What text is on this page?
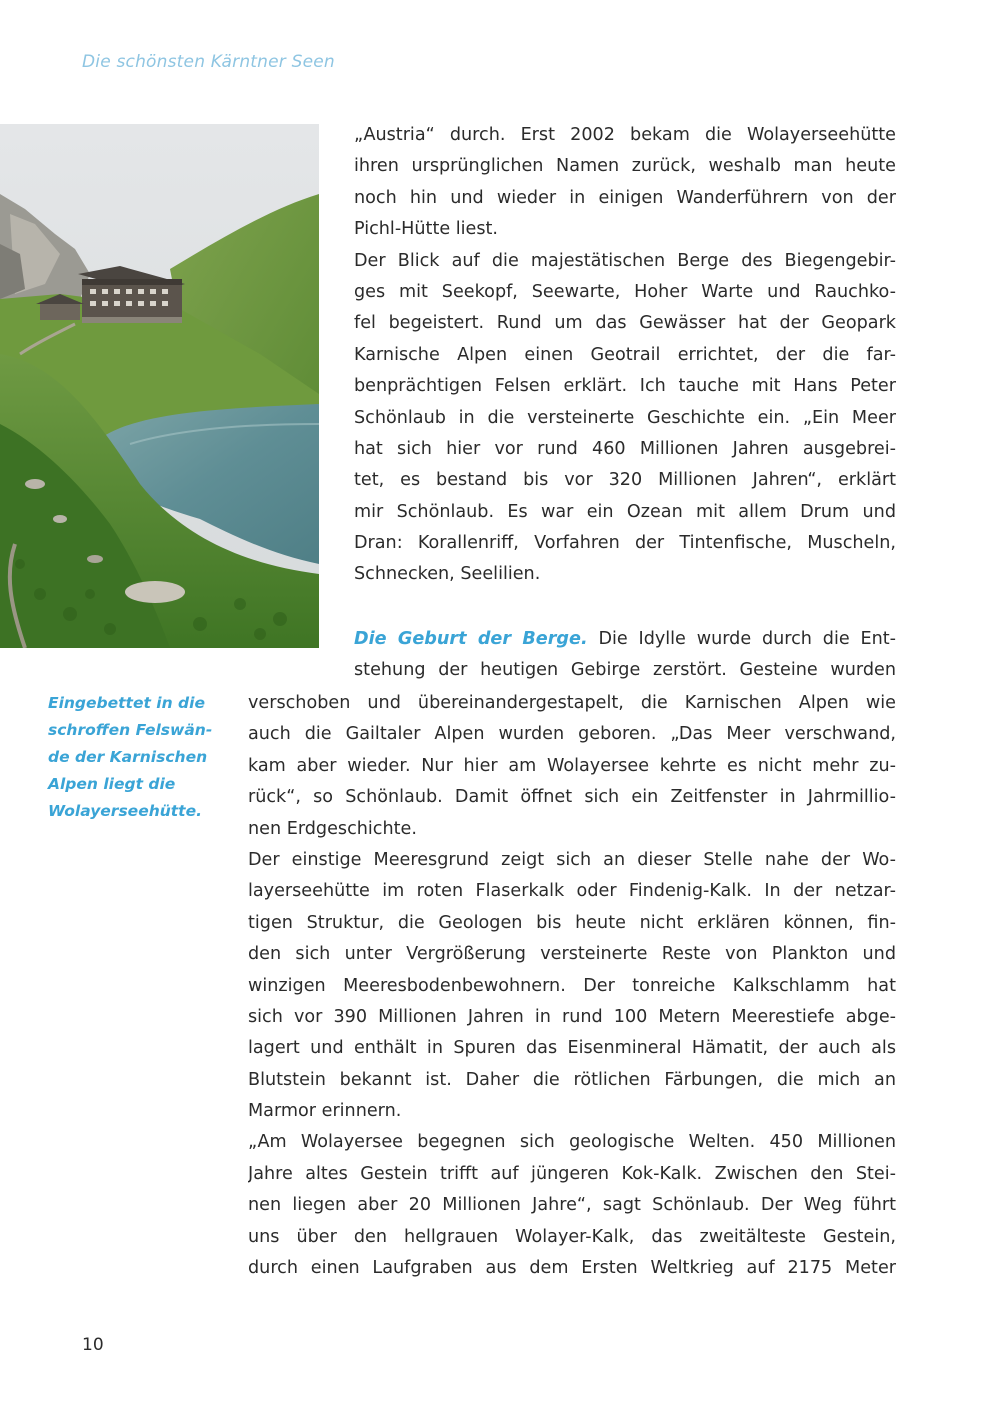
Die schönsten Kärntner Seen
Eingebettet in die
schroffen Felswän-
de der Karnischen
Alpen liegt die
Wolayerseehütte.
„Austria“ durch. Erst 2002 bekam die Wolayerseehütte
ihren ursprünglichen Namen zurück, weshalb man heute
noch hin und wieder in einigen Wanderführern von der
Pichl-Hütte liest.
Der Blick auf die majestätischen Berge des Biegengebir-
ges mit Seekopf, Seewarte, Hoher Warte und Rauchko-
fel begeistert. Rund um das Gewässer hat der Geopark
Karnische Alpen einen Geotrail errichtet, der die far-
benprächtigen Felsen erklärt. Ich tauche mit Hans Peter
Schönlaub in die versteinerte Geschichte ein. „Ein Meer
hat sich hier vor rund 460 Millionen Jahren ausgebrei-
tet, es bestand bis vor 320 Millionen Jahren“, erklärt
mir Schönlaub. Es war ein Ozean mit allem Drum und
Dran: Korallenriff, Vorfahren der Tintenfische, Muscheln,
Schnecken, Seelilien.
Die Geburt der Berge. Die Idylle wurde durch die Ent-
stehung der heutigen Gebirge zerstört. Gesteine wurden
verschoben und übereinandergestapelt, die Karnischen Alpen wie
auch die Gailtaler Alpen wurden geboren. „Das Meer verschwand,
kam aber wieder. Nur hier am Wolayersee kehrte es nicht mehr zu-
rück“, so Schönlaub. Damit öffnet sich ein Zeitfenster in Jahrmillio-
nen Erdgeschichte.
Der einstige Meeresgrund zeigt sich an dieser Stelle nahe der Wo-
layerseehütte im roten Flaserkalk oder Findenig-Kalk. In der netzar-
tigen Struktur, die Geologen bis heute nicht erklären können, fin-
den sich unter Vergrößerung versteinerte Reste von Plankton und
winzigen Meeresbodenbewohnern. Der tonreiche Kalkschlamm hat
sich vor 390 Millionen Jahren in rund 100 Metern Meerestiefe abge-
lagert und enthält in Spuren das Eisenmineral Hämatit, der auch als
Blutstein bekannt ist. Daher die rötlichen Färbungen, die mich an
Marmor erinnern.
„Am Wolayersee begegnen sich geologische Welten. 450 Millionen
Jahre altes Gestein trifft auf jüngeren Kok-Kalk. Zwischen den Stei-
nen liegen aber 20 Millionen Jahre“, sagt Schönlaub. Der Weg führt
uns über den hellgrauen Wolayer-Kalk, das zweitälteste Gestein,
durch einen Laufgraben aus dem Ersten Weltkrieg auf 2175 Meter
10
